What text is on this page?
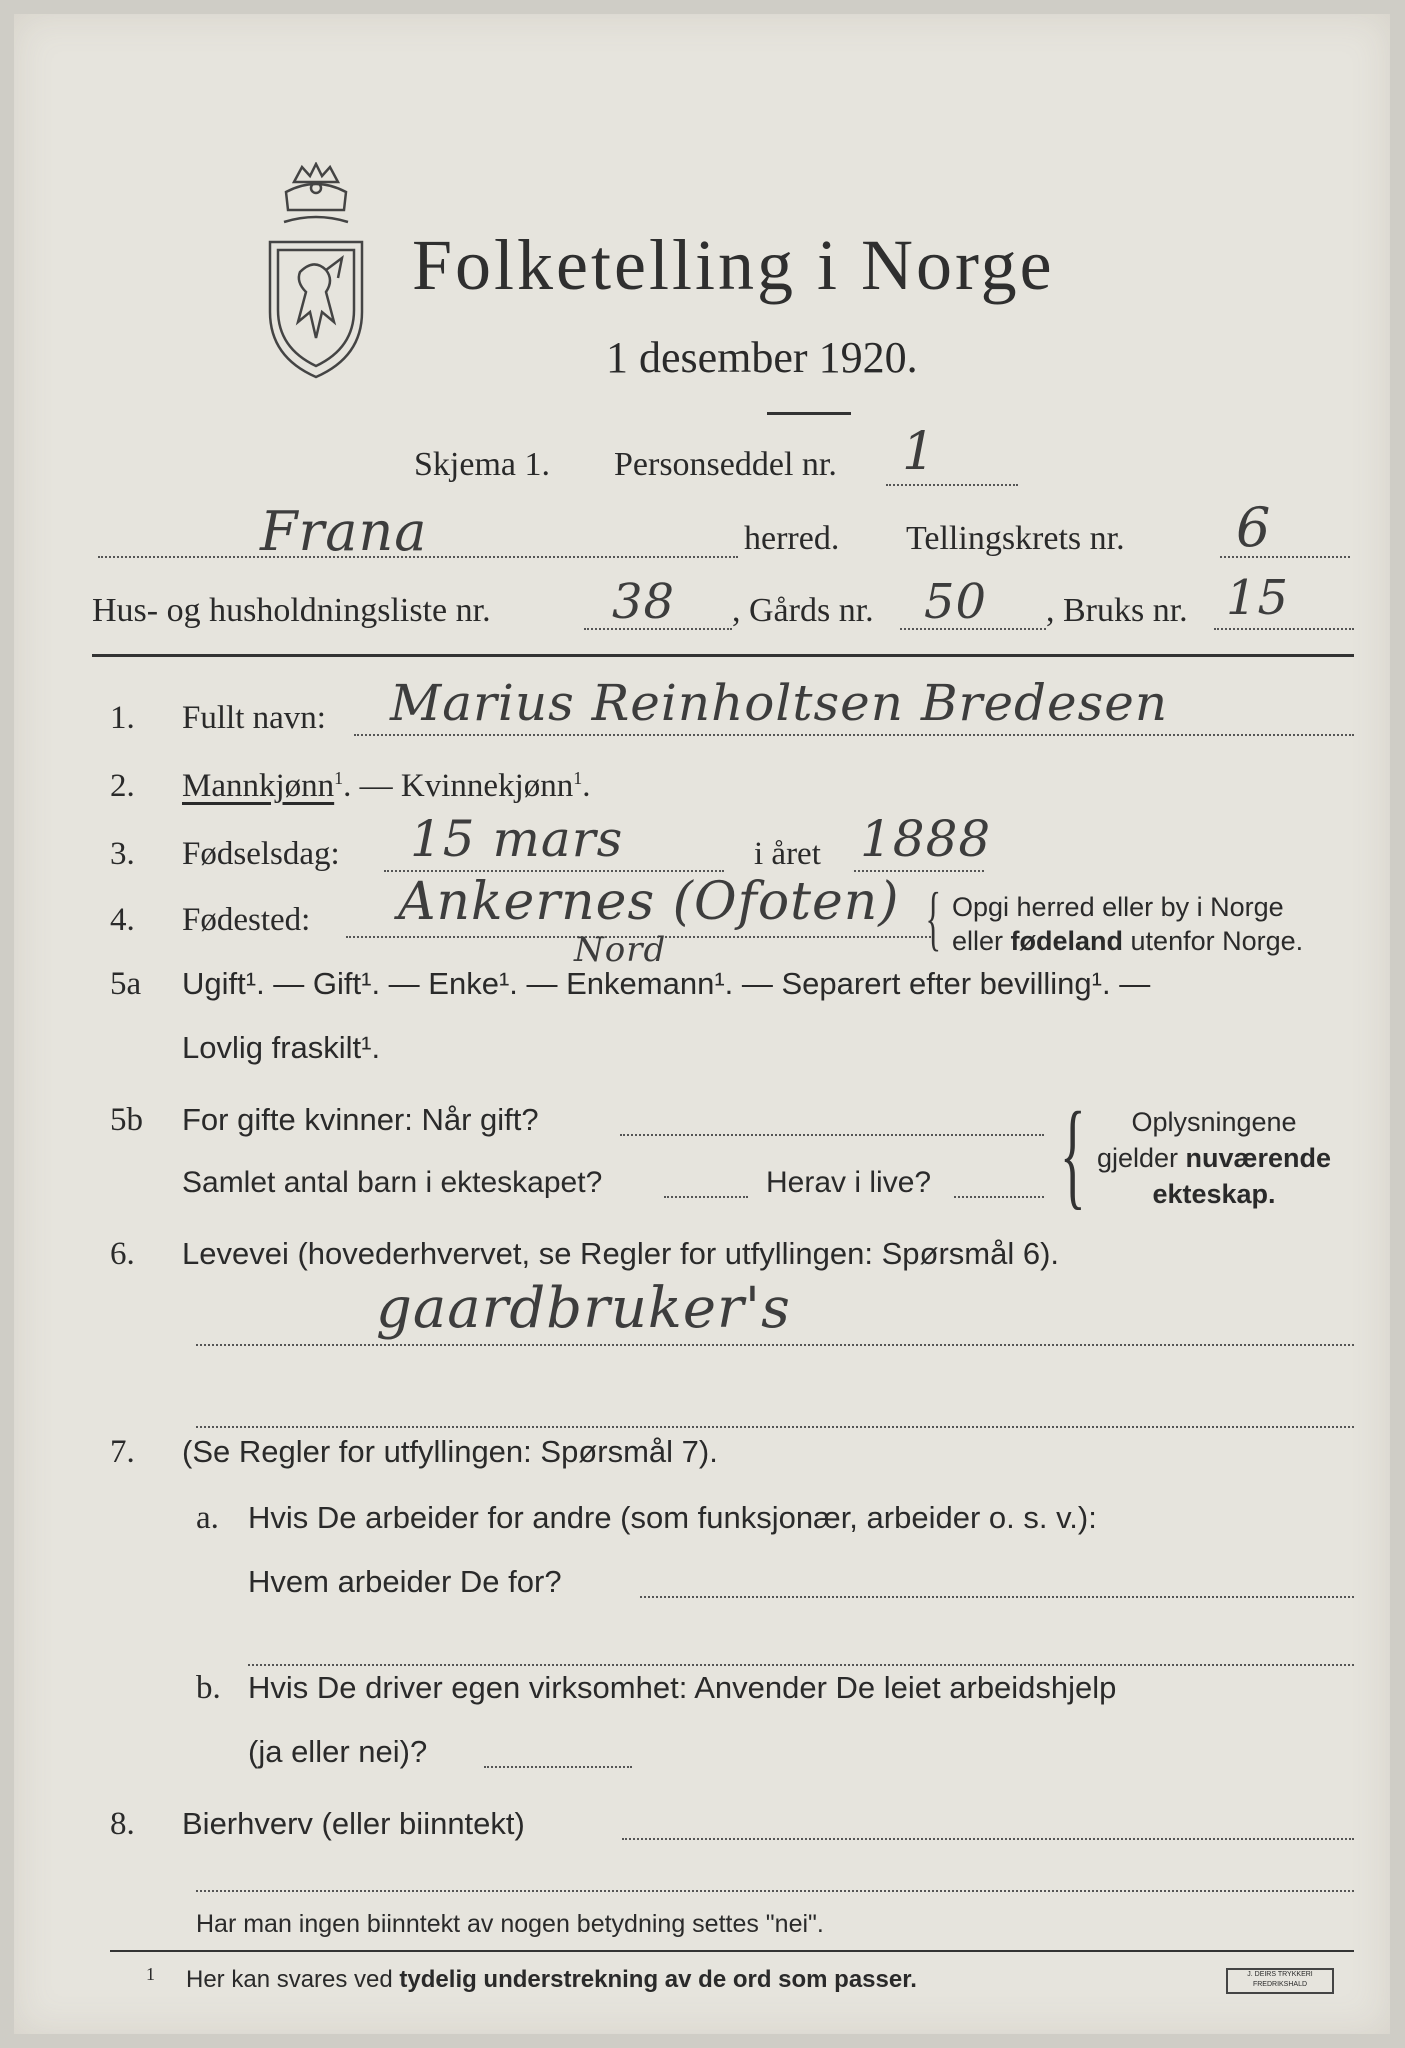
Folketelling i Norge
1 desember 1920.
Skjema 1. Personseddel nr. 1
Frana	herred. Tellingskrets nr. 6
Hus- og husholdningsliste nr.	38 , Gårds nr. 50 , Bruks nr. 15
1. Fullt navn: Marius Reinholtsen Bredesen
2. Mannkjønn$^1$. — Kvinnekjønn$^1$.
3. Fødselsdag: 15 mars	i året 1888
4. Fødested: Ankernes (Ofoten)
Nord	{ Opgi herred eller by i Norge
eller fødeland utenfor Norge.
5a Ugift¹. — Gift¹. — Enke¹. — Enkemann¹. — Separert efter bevilling¹. —
Lovlig fraskilt¹.
5b For gifte kvinner: Når gift?
Samlet antal barn i ekteskapet?	Herav i live? {	Oplysningene
gjelder nuværende
ekteskap.
6. Levevei (hovederhvervet, se Regler for utfyllingen: Spørsmål 6).
gaardbruker's
7. (Se Regler for utfyllingen: Spørsmål 7).
a. Hvis De arbeider for andre (som funksjonær, arbeider o. s. v.):
Hvem arbeider De for?
b. Hvis De driver egen virksomhet: Anvender De leiet arbeidshjelp
(ja eller nei)?
8. Bierhverv (eller biinntekt)
Har man ingen biinntekt av nogen betydning settes "nei".
1 Her kan svares ved tydelig understrekning av de ord som passer.	J. DEIRS TRYKKERI FREDRIKSHALD
